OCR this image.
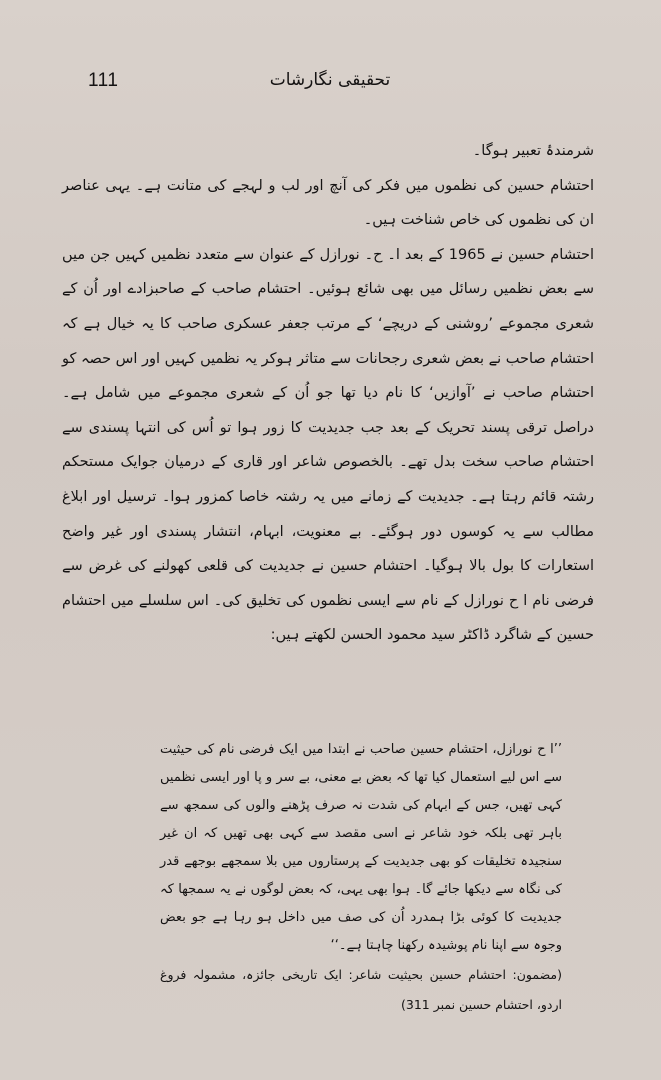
111	تحقیقی نگارشات

شرمندۂ تعبیر ہوگا۔

احتشام حسین کی نظموں میں فکر کی آنچ اور لب و لہجے کی متانت ہے۔ یہی عناصر ان کی نظموں کی خاص شناخت ہیں۔

احتشام حسین نے 1965 کے بعد ا۔ ح۔ نورازل کے عنوان سے متعدد نظمیں کہیں جن میں سے بعض نظمیں رسائل میں بھی شائع ہوئیں۔ احتشام صاحب کے صاحبزادے اور اُن کے شعری مجموعے ’روشنی کے دریچے‘ کے مرتب جعفر عسکری صاحب کا یہ خیال ہے کہ احتشام صاحب نے بعض شعری رجحانات سے متاثر ہوکر یہ نظمیں کہیں اور اس حصہ کو احتشام صاحب نے ’آوازیں‘ کا نام دیا تھا جو اُن کے شعری مجموعے میں شامل ہے۔ دراصل ترقی پسند تحریک کے بعد جب جدیدیت کا زور ہوا تو اُس کی انتہا پسندی سے احتشام صاحب سخت بدل تھے۔ بالخصوص شاعر اور قاری کے درمیان جوایک مستحکم رشتہ قائم رہتا ہے۔ جدیدیت کے زمانے میں یہ رشتہ خاصا کمزور ہوا۔ ترسیل اور ابلاغ مطالب سے یہ کوسوں دور ہوگئے۔ بے معنویت، ابہام، انتشار پسندی اور غیر واضح استعارات کا بول بالا ہوگیا۔ احتشام حسین نے جدیدیت کی قلعی کھولنے کی غرض سے فرضی نام ا ح نورازل کے نام سے ایسی نظموں کی تخلیق کی۔ اس سلسلے میں احتشام حسین کے شاگرد ڈاکٹر سید محمود الحسن لکھتے ہیں:

’’ا ح نورازل، احتشام حسین صاحب نے ابتدا میں ایک فرضی نام کی حیثیت سے اس لیے استعمال کیا تھا کہ بعض بے معنی، بے سر و پا اور ایسی نظمیں کہی تھیں، جس کے ابہام کی شدت نہ صرف پڑھنے والوں کی سمجھ سے باہر تھی بلکہ خود شاعر نے اسی مقصد سے کہی بھی تھیں کہ ان غیر سنجیدہ تخلیقات کو بھی جدیدیت کے پرستاروں میں بلا سمجھے بوجھے قدر کی نگاہ سے دیکھا جائے گا۔ ہوا بھی یہی، کہ بعض لوگوں نے یہ سمجھا کہ جدیدیت کا کوئی بڑا ہمدرد اُن کی صف میں داخل ہو رہا ہے جو بعض وجوہ سے اپنا نام پوشیدہ رکھنا چاہتا ہے۔‘‘

(مضمون: احتشام حسین بحیثیت شاعر: ایک تاریخی جائزہ، مشمولہ فروغ اردو، احتشام حسین نمبر 311)
